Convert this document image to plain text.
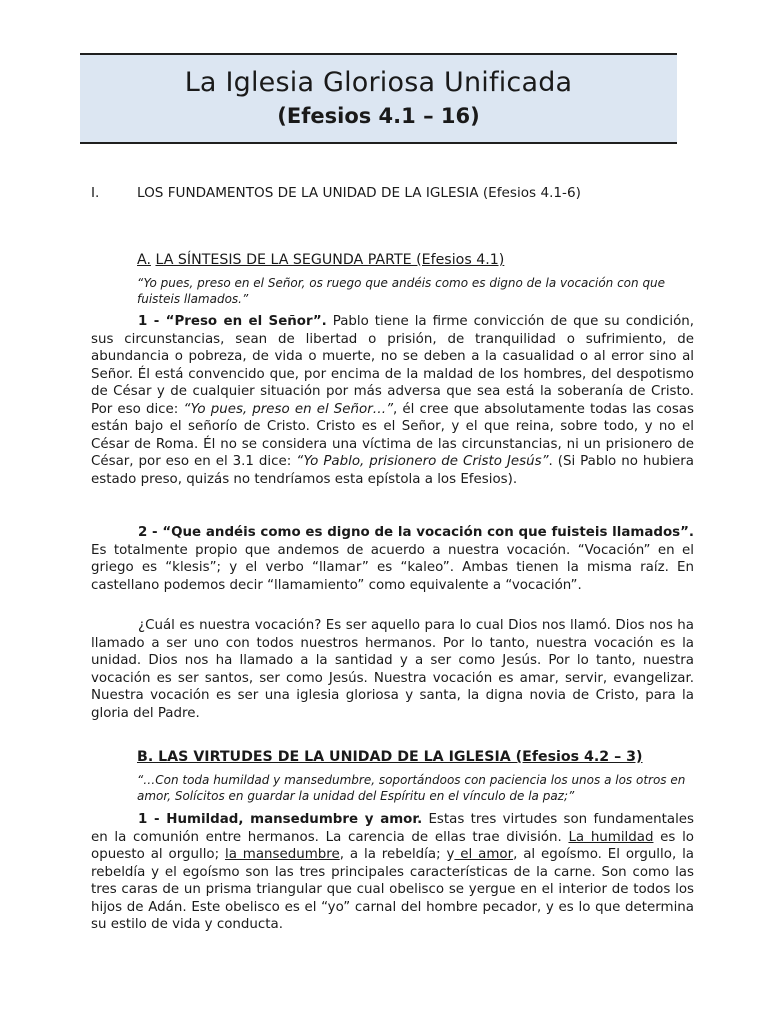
La Iglesia Gloriosa Unificada
(Efesios 4.1 – 16)
I.	LOS FUNDAMENTOS DE LA UNIDAD DE LA IGLESIA (Efesios 4.1-6)
A. LA SÍNTESIS DE LA SEGUNDA PARTE (Efesios 4.1)
“Yo pues, preso en el Señor, os ruego que andéis como es digno de la vocación con que fuisteis llamados.”
1 - “Preso en el Señor”. Pablo tiene la firme convicción de que su condición, sus circunstancias, sean de libertad o prisión, de tranquilidad o sufrimiento, de abundancia o pobreza, de vida o muerte, no se deben a la casualidad o al error sino al Señor. Él está convencido que, por encima de la maldad de los hombres, del despotismo de César y de cualquier situación por más adversa que sea está la soberanía de Cristo. Por eso dice: “Yo pues, preso en el Señor…”, él cree que absolutamente todas las cosas están bajo el señorío de Cristo. Cristo es el Señor, y el que reina, sobre todo, y no el César de Roma. Él no se considera una víctima de las circunstancias, ni un prisionero de César, por eso en el 3.1 dice: “Yo Pablo, prisionero de Cristo Jesús”. (Si Pablo no hubiera estado preso, quizás no tendríamos esta epístola a los Efesios).
2 - “Que andéis como es digno de la vocación con que fuisteis llamados”. Es totalmente propio que andemos de acuerdo a nuestra vocación. “Vocación” en el griego es “klesis”; y el verbo “llamar” es “kaleo”. Ambas tienen la misma raíz. En castellano podemos decir “llamamiento” como equivalente a “vocación”.
¿Cuál es nuestra vocación? Es ser aquello para lo cual Dios nos llamó. Dios nos ha llamado a ser uno con todos nuestros hermanos. Por lo tanto, nuestra vocación es la unidad. Dios nos ha llamado a la santidad y a ser como Jesús. Por lo tanto, nuestra vocación es ser santos, ser como Jesús. Nuestra vocación es amar, servir, evangelizar. Nuestra vocación es ser una iglesia gloriosa y santa, la digna novia de Cristo, para la gloria del Padre.
B. LAS VIRTUDES DE LA UNIDAD DE LA IGLESIA (Efesios 4.2 – 3)
“…Con toda humildad y mansedumbre, soportándoos con paciencia los unos a los otros en amor, Solícitos en guardar la unidad del Espíritu en el vínculo de la paz;”
1 - Humildad, mansedumbre y amor. Estas tres virtudes son fundamentales en la comunión entre hermanos. La carencia de ellas trae división. La humildad es lo opuesto al orgullo; la mansedumbre, a la rebeldía; y el amor, al egoísmo. El orgullo, la rebeldía y el egoísmo son las tres principales características de la carne. Son como las tres caras de un prisma triangular que cual obelisco se yergue en el interior de todos los hijos de Adán. Este obelisco es el “yo” carnal del hombre pecador, y es lo que determina su estilo de vida y conducta.
